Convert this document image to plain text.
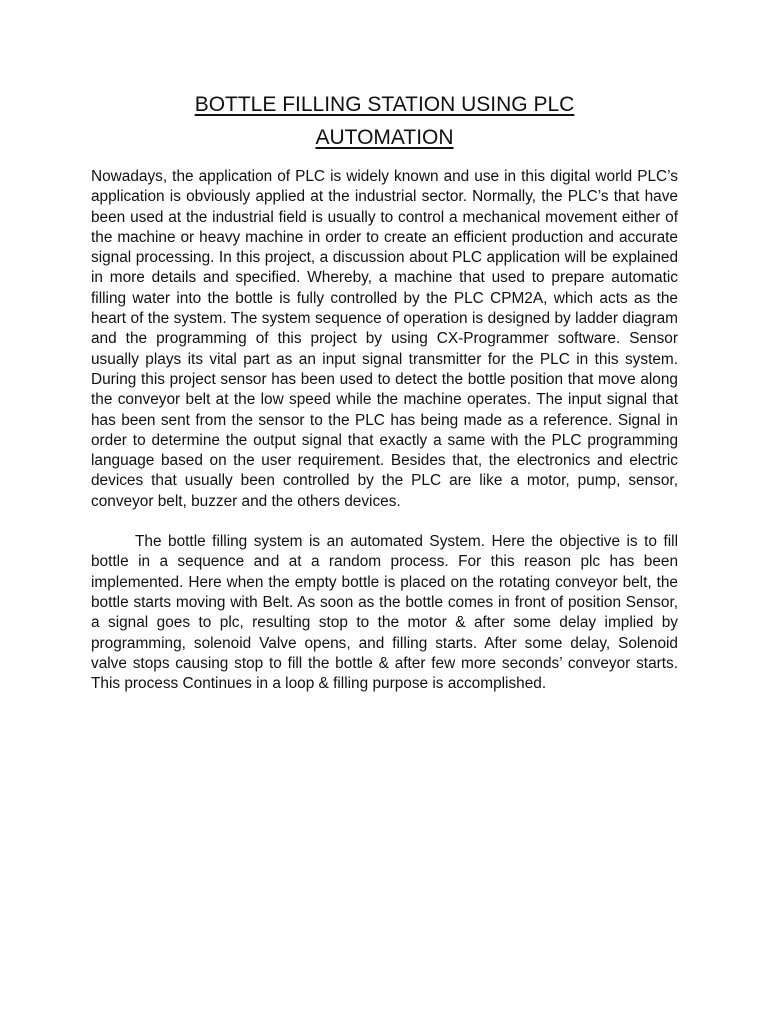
BOTTLE FILLING STATION USING PLC
AUTOMATION

Nowadays, the application of PLC is widely known and use in this digital world PLC’s application is obviously applied at the industrial sector. Normally, the PLC’s that have been used at the industrial field is usually to control a mechanical movement either of the machine or heavy machine in order to create an efficient production and accurate signal processing. In this project, a discussion about PLC application will be explained in more details and specified. Whereby, a machine that used to prepare automatic filling water into the bottle is fully controlled by the PLC CPM2A, which acts as the heart of the system. The system sequence of operation is designed by ladder diagram and the programming of this project by using CX-Programmer software. Sensor usually plays its vital part as an input signal transmitter for the PLC in this system. During this project sensor has been used to detect the bottle position that move along the conveyor belt at the low speed while the machine operates. The input signal that has been sent from the sensor to the PLC has being made as a reference. Signal in order to determine the output signal that exactly a same with the PLC programming language based on the user requirement. Besides that, the electronics and electric devices that usually been controlled by the PLC are like a motor, pump, sensor, conveyor belt, buzzer and the others devices.

The bottle filling system is an automated System. Here the objective is to fill bottle in a sequence and at a random process. For this reason plc has been implemented. Here when the empty bottle is placed on the rotating conveyor belt, the bottle starts moving with Belt. As soon as the bottle comes in front of position Sensor, a signal goes to plc, resulting stop to the motor & after some delay implied by programming, solenoid Valve opens, and filling starts. After some delay, Solenoid valve stops causing stop to fill the bottle & after few more seconds’ conveyor starts. This process Continues in a loop & filling purpose is accomplished.
